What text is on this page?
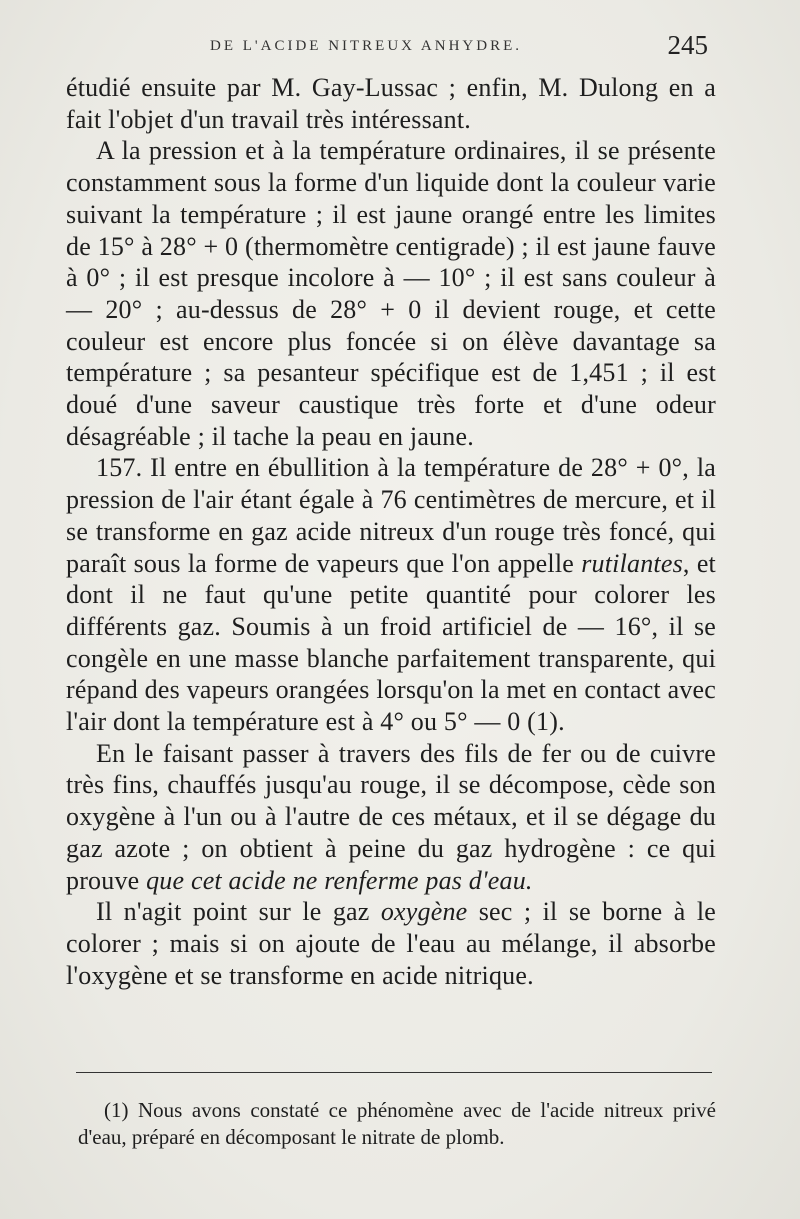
DE L'ACIDE NITREUX ANHYDRE.	245

étudié ensuite par M. Gay-Lussac ; enfin, M. Dulong en a fait l'objet d'un travail très intéressant.

A la pression et à la température ordinaires, il se présente constamment sous la forme d'un liquide dont la couleur varie suivant la température ; il est jaune orangé entre les limites de 15° à 28° + 0 (thermomètre centigrade) ; il est jaune fauve à 0° ; il est presque incolore à — 10° ; il est sans couleur à — 20° ; au-dessus de 28° + 0 il devient rouge, et cette couleur est encore plus foncée si on élève davantage sa température ; sa pesanteur spécifique est de 1,451 ; il est doué d'une saveur caustique très forte et d'une odeur désagréable ; il tache la peau en jaune.

157. Il entre en ébullition à la température de 28° + 0°, la pression de l'air étant égale à 76 centimètres de mercure, et il se transforme en gaz acide nitreux d'un rouge très foncé, qui paraît sous la forme de vapeurs que l'on appelle rutilantes, et dont il ne faut qu'une petite quantité pour colorer les différents gaz. Soumis à un froid artificiel de — 16°, il se congèle en une masse blanche parfaitement transparente, qui répand des vapeurs orangées lorsqu'on la met en contact avec l'air dont la température est à 4° ou 5° — 0 (1).

En le faisant passer à travers des fils de fer ou de cuivre très fins, chauffés jusqu'au rouge, il se décompose, cède son oxygène à l'un ou à l'autre de ces métaux, et il se dégage du gaz azote ; on obtient à peine du gaz hydrogène : ce qui prouve que cet acide ne renferme pas d'eau.

Il n'agit point sur le gaz oxygène sec ; il se borne à le colorer ; mais si on ajoute de l'eau au mélange, il absorbe l'oxygène et se transforme en acide nitrique.

(1) Nous avons constaté ce phénomène avec de l'acide nitreux privé d'eau, préparé en décomposant le nitrate de plomb.
